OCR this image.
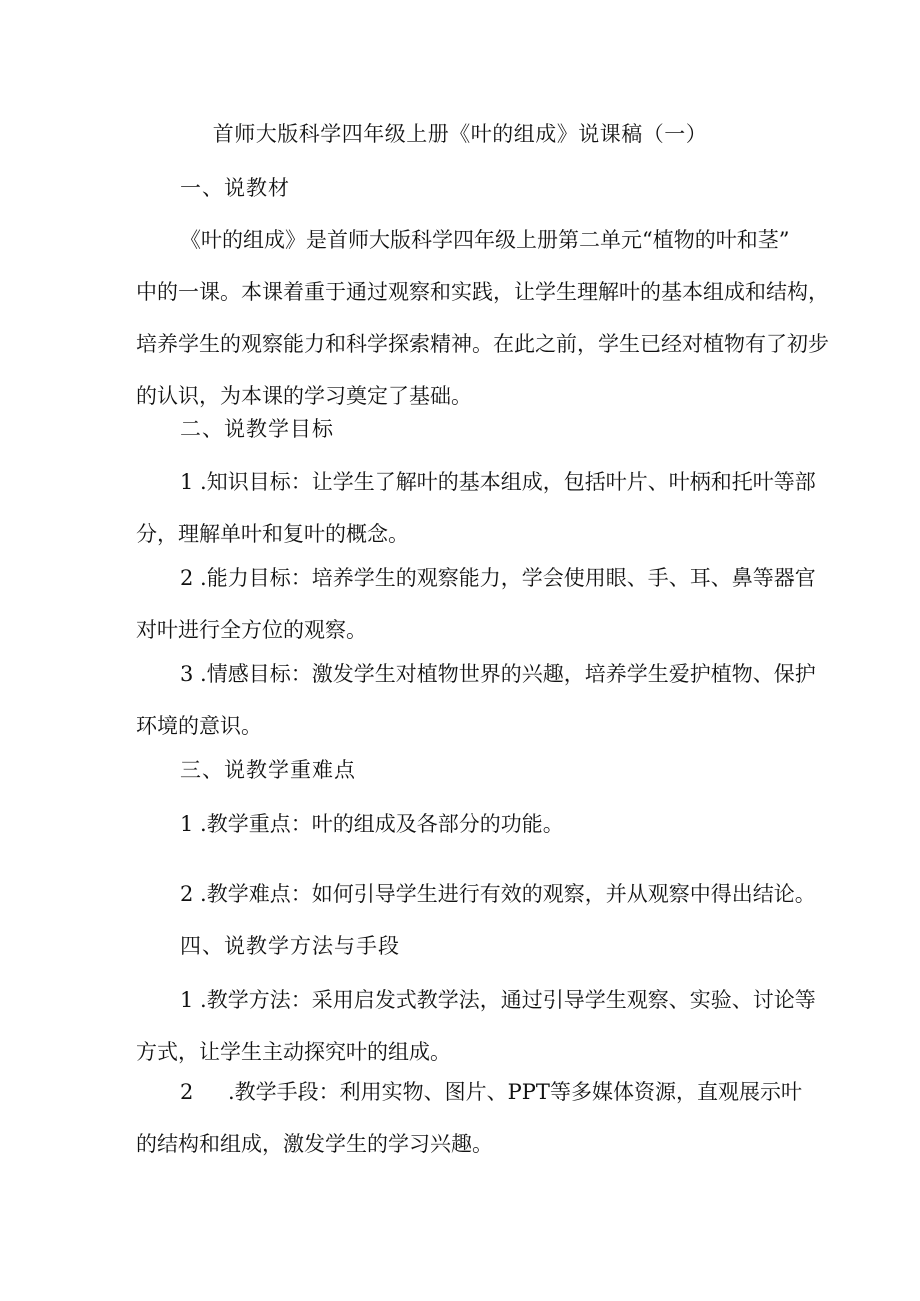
首师大版科学四年级上册《叶的组成》说课稿（一）
一、说教材
《叶的组成》是首师大版科学四年级上册第二单元“植物的叶和茎”
中的一课。本课着重于通过观察和实践，让学生理解叶的基本组成和结构，
培养学生的观察能力和科学探索精神。在此之前，学生已经对植物有了初步
的认识，为本课的学习奠定了基础。
二、说教学目标
1 .知识目标：让学生了解叶的基本组成，包括叶片、叶柄和托叶等部
分，理解单叶和复叶的概念。
2 .能力目标：培养学生的观察能力，学会使用眼、手、耳、鼻等器官
对叶进行全方位的观察。
3 .情感目标：激发学生对植物世界的兴趣，培养学生爱护植物、保护
环境的意识。
三、说教学重难点
1 .教学重点：叶的组成及各部分的功能。
2 .教学难点：如何引导学生进行有效的观察，并从观察中得出结论。
四、说教学方法与手段
1 .教学方法：采用启发式教学法，通过引导学生观察、实验、讨论等
方式，让学生主动探究叶的组成。
2 .教学手段：利用实物、图片、PPT等多媒体资源，直观展示叶
的结构和组成，激发学生的学习兴趣。
